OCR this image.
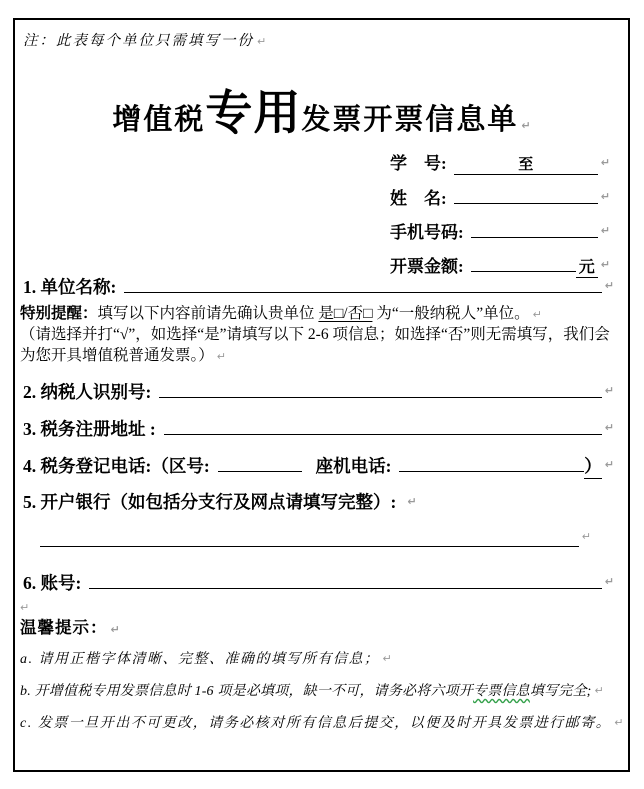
注：此表每个单位只需填写一份 ↵
增值税专用发票开票信息单 ↵
学　号:	至	↵
姓　名:	↵
手机号码:	↵
开票金额:	元 ↵
1. 单位名称:	↵
特别提醒：填写以下内容前请先确认贵单位 是□/否□ 为“一般纳税人”单位。 ↵
（请选择并打“√”，如选择“是”请填写以下 2-6 项信息；如选择“否”则无需填写，我们会为您开具增值税普通发票。） ↵
2. 纳税人识别号:	↵
3. 税务注册地址 :	↵
4. 税务登记电话:（区号:	座机电话:	） ↵
5. 开户银行（如包括分支行及网点请填写完整）: ↵
↵
6. 账号:	↵
↵
温馨提示： ↵
a. 请用正楷字体清晰、完整、准确的填写所有信息； ↵
b. 开增值税专用发票信息时 1-6 项是必填项，缺一不可，请务必将六项开专票信息填写完全; ↵
c. 发票一旦开出不可更改，请务必核对所有信息后提交，以便及时开具发票进行邮寄。 ↵
